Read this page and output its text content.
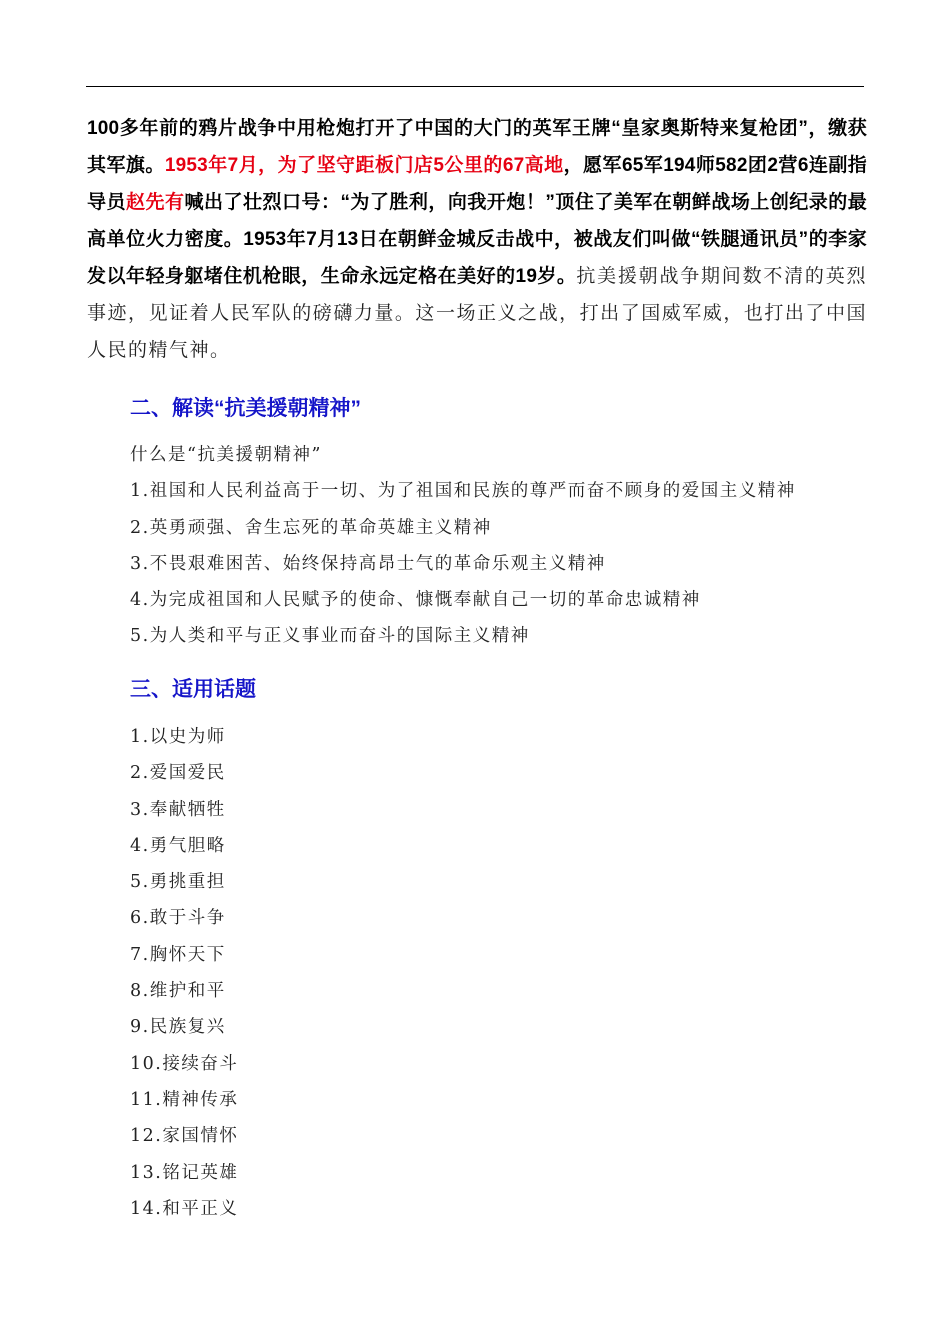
100多年前的鸦片战争中用枪炮打开了中国的大门的英军王牌“皇家奥斯特来复枪团”，缴获其军旗。1953年7月，为了坚守距板门店5公里的67高地，愿军65军194师582团2营6连副指导员赵先有喊出了壮烈口号：“为了胜利，向我开炮！”顶住了美军在朝鲜战场上创纪录的最高单位火力密度。1953年7月13日在朝鲜金城反击战中，被战友们叫做“铁腿通讯员”的李家发以年轻身躯堵住机枪眼，生命永远定格在美好的19岁。抗美援朝战争期间数不清的英烈事迹，见证着人民军队的磅礴力量。这一场正义之战，打出了国威军威，也打出了中国人民的精气神。
二、解读“抗美援朝精神”
什么是“抗美援朝精神”
1.祖国和人民利益高于一切、为了祖国和民族的尊严而奋不顾身的爱国主义精神
2.英勇顽强、舍生忘死的革命英雄主义精神
3.不畏艰难困苦、始终保持高昂士气的革命乐观主义精神
4.为完成祖国和人民赋予的使命、慷慨奉献自己一切的革命忠诚精神
5.为人类和平与正义事业而奋斗的国际主义精神
三、适用话题
1.以史为师
2.爱国爱民
3.奉献牺牲
4.勇气胆略
5.勇挑重担
6.敢于斗争
7.胸怀天下
8.维护和平
9.民族复兴
10.接续奋斗
11.精神传承
12.家国情怀
13.铭记英雄
14.和平正义
